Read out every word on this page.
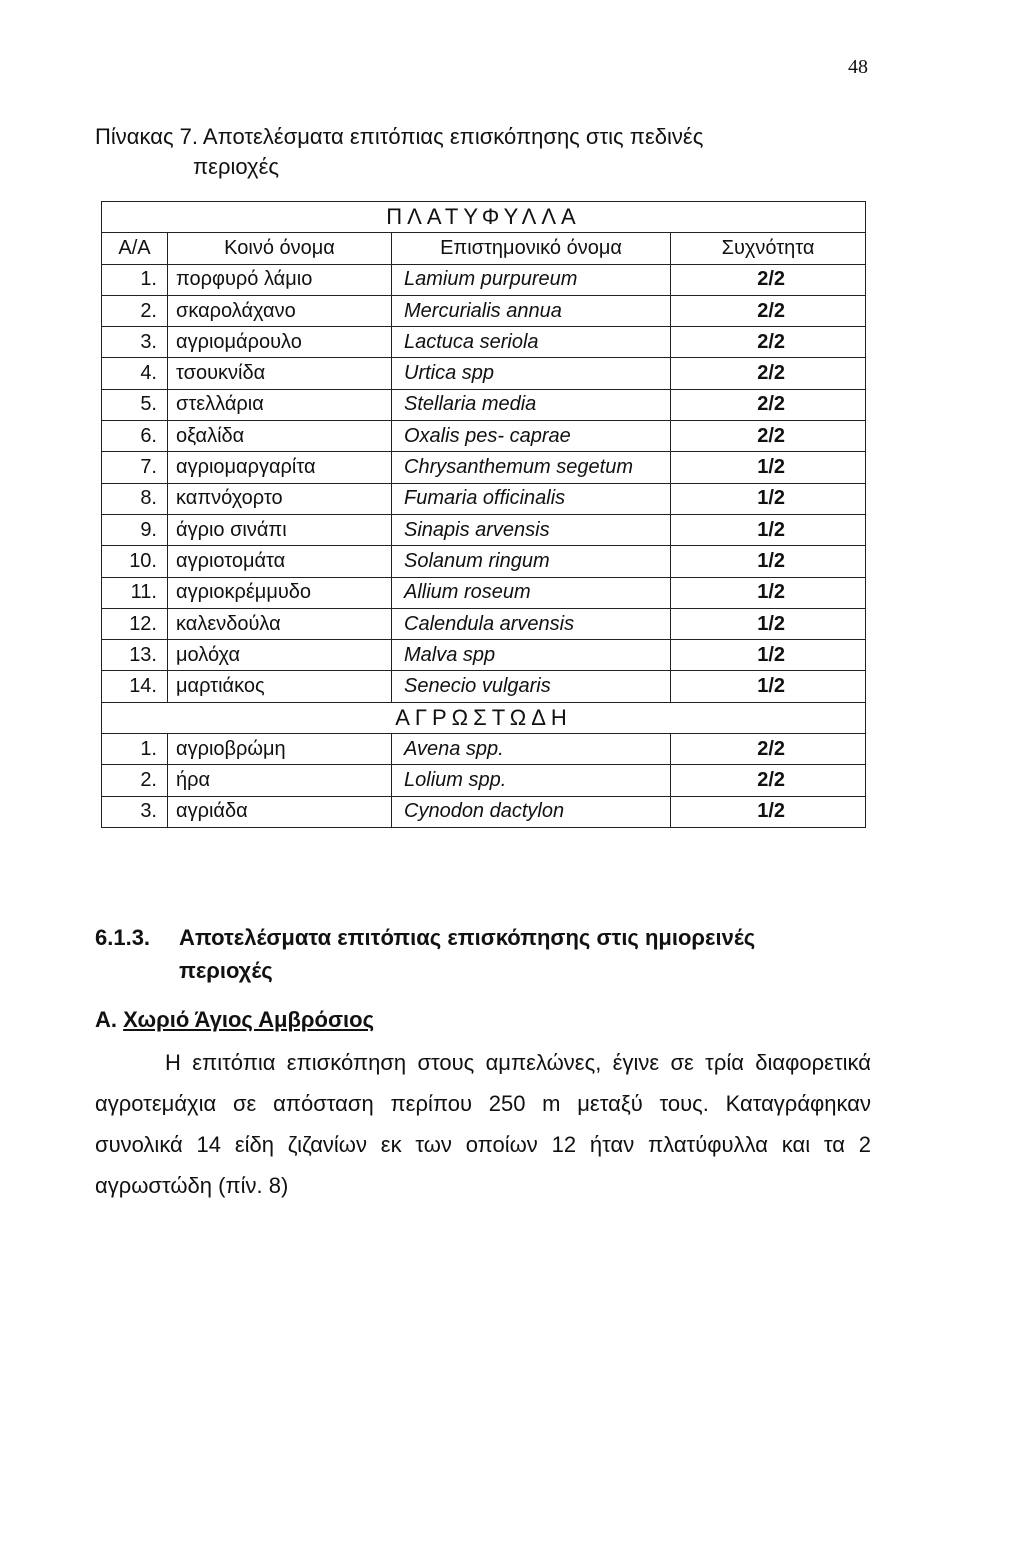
48
Πίνακας 7. Αποτελέσματα επιτόπιας επισκόπησης στις πεδινές
περιοχές
ΠΛΑΤΥΦΥΛΛΑ			
Α/Α	Κοινό όνομα	Επιστημονικό όνομα	Συχνότητα
1.	πορφυρό λάμιο	Lamium purpureum	2/2
2.	σκαρολάχανο	Mercurialis annua	2/2
3.	αγριομάρουλο	Lactuca seriola	2/2
4.	τσουκνίδα	Urtica spp	2/2
5.	στελλάρια	Stellaria media	2/2
6.	οξαλίδα	Oxalis pes- caprae	2/2
7.	αγριομαργαρίτα	Chrysanthemum segetum	1/2
8.	καπνόχορτο	Fumaria officinalis	1/2
9.	άγριο σινάπι	Sinapis arvensis	1/2
10.	αγριοτομάτα	Solanum ringum	1/2
11.	αγριοκρέμμυδο	Allium roseum	1/2
12.	καλενδούλα	Calendula arvensis	1/2
13.	μολόχα	Malva spp	1/2
14.	μαρτιάκος	Senecio vulgaris	1/2
ΑΓΡΩΣΤΩΔΗ			
1.	αγριοβρώμη	Avena spp.	2/2
2.	ήρα	Lolium spp.	2/2
3.	αγριάδα	Cynodon dactylon	1/2
6.1.3. Αποτελέσματα επιτόπιας επισκόπησης στις ημιορεινές
περιοχές
Α. Χωριό Άγιος Αμβρόσιος
Η επιτόπια επισκόπηση στους αμπελώνες, έγινε σε τρία διαφορετικά αγροτεμάχια σε απόσταση περίπου 250 m μεταξύ τους. Καταγράφηκαν συνολικά 14 είδη ζιζανίων εκ των οποίων 12 ήταν πλατύφυλλα και τα 2 αγρωστώδη (πίν. 8)
